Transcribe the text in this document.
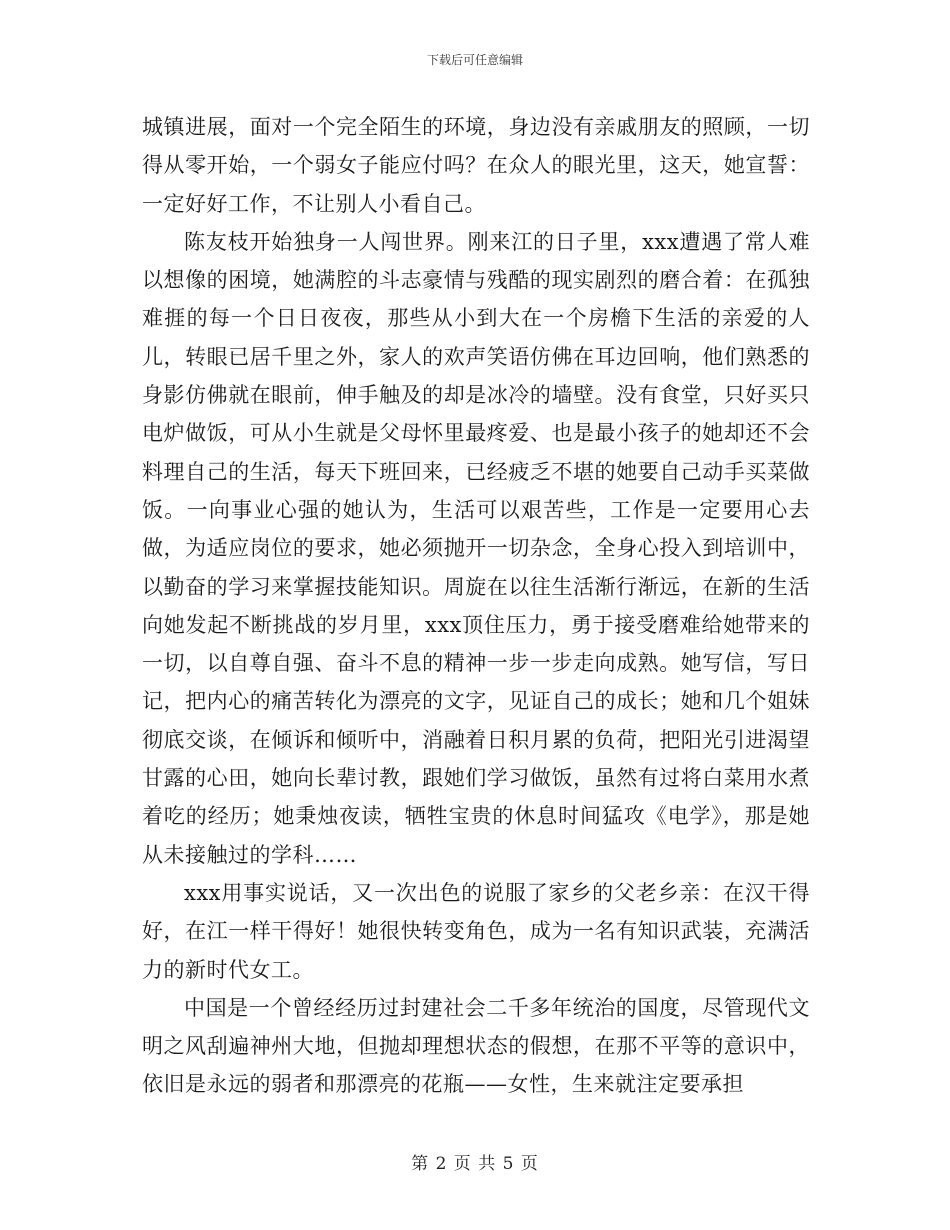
下载后可任意编辑

城镇进展，面对一个完全陌生的环境，身边没有亲戚朋友的照顾，一切得从零开始，一个弱女子能应付吗？在众人的眼光里，这天，她宣誓：一定好好工作，不让别人小看自己。

陈友枝开始独身一人闯世界。刚来江的日子里，xxx遭遇了常人难以想像的困境，她满腔的斗志豪情与残酷的现实剧烈的磨合着：在孤独难捱的每一个日日夜夜，那些从小到大在一个房檐下生活的亲爱的人儿，转眼已居千里之外，家人的欢声笑语仿佛在耳边回响，他们熟悉的身影仿佛就在眼前，伸手触及的却是冰冷的墙壁。没有食堂，只好买只电炉做饭，可从小生就是父母怀里最疼爱、也是最小孩子的她却还不会料理自己的生活，每天下班回来，已经疲乏不堪的她要自己动手买菜做饭。一向事业心强的她认为，生活可以艰苦些，工作是一定要用心去做，为适应岗位的要求，她必须抛开一切杂念，全身心投入到培训中，以勤奋的学习来掌握技能知识。周旋在以往生活渐行渐远，在新的生活向她发起不断挑战的岁月里，xxx顶住压力，勇于接受磨难给她带来的一切，以自尊自强、奋斗不息的精神一步一步走向成熟。她写信，写日记，把内心的痛苦转化为漂亮的文字，见证自己的成长；她和几个姐妹彻底交谈，在倾诉和倾听中，消融着日积月累的负荷，把阳光引进渴望甘露的心田，她向长辈讨教，跟她们学习做饭，虽然有过将白菜用水煮着吃的经历；她秉烛夜读，牺牲宝贵的休息时间猛攻《电学》，那是她从未接触过的学科……

xxx用事实说话，又一次出色的说服了家乡的父老乡亲：在汉干得好，在江一样干得好！她很快转变角色，成为一名有知识武装，充满活力的新时代女工。

中国是一个曾经经历过封建社会二千多年统治的国度，尽管现代文明之风刮遍神州大地，但抛却理想状态的假想，在那不平等的意识中，依旧是永远的弱者和那漂亮的花瓶——女性，生来就注定要承担

第 2 页 共 5 页
